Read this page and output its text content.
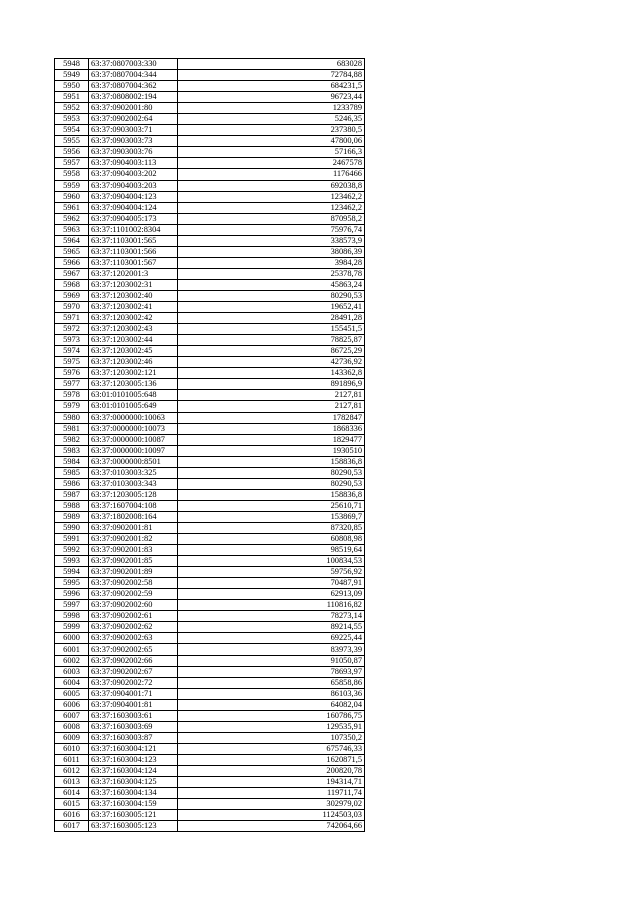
5948	63:37:0807003:330	683028
5949	63:37:0807004:344	72784,88
5950	63:37:0807004:362	684231,5
5951	63:37:0808002:194	96723,44
5952	63:37:0902001:80	1233789
5953	63:37:0902002:64	5246,35
5954	63:37:0903003:71	237380,5
5955	63:37:0903003:73	47800,06
5956	63:37:0903003:76	57166,3
5957	63:37:0904003:113	2467578
5958	63:37:0904003:202	1176466
5959	63:37:0904003:203	692038,8
5960	63:37:0904004:123	123462,2
5961	63:37:0904004:124	123462,2
5962	63:37:0904005:173	870958,2
5963	63:37:1101002:8304	75976,74
5964	63:37:1103001:565	338573,9
5965	63:37:1103001:566	38086,39
5966	63:37:1103001:567	3984,28
5967	63:37:1202001:3	25378,78
5968	63:37:1203002:31	45863,24
5969	63:37:1203002:40	80290,53
5970	63:37:1203002:41	19652,41
5971	63:37:1203002:42	28491,28
5972	63:37:1203002:43	155451,5
5973	63:37:1203002:44	78825,87
5974	63:37:1203002:45	86725,29
5975	63:37:1203002:46	42736,92
5976	63:37:1203002:121	143362,8
5977	63:37:1203005:136	891896,9
5978	63:01:0101005:648	2127,81
5979	63:01:0101005:649	2127,81
5980	63:37:0000000:10063	1782847
5981	63:37:0000000:10073	1868336
5982	63:37:0000000:10087	1829477
5983	63:37:0000000:10097	1930510
5984	63:37:0000000:8501	158836,8
5985	63:37:0103003:325	80290,53
5986	63:37:0103003:343	80290,53
5987	63:37:1203005:128	158836,8
5988	63:37:1607004:108	25610,71
5989	63:37:1802008:164	153869,7
5990	63:37:0902001:81	87320,85
5991	63:37:0902001:82	60808,98
5992	63:37:0902001:83	98519,64
5993	63:37:0902001:85	100834,53
5994	63:37:0902001:89	59756,92
5995	63:37:0902002:58	70487,91
5996	63:37:0902002:59	62913,09
5997	63:37:0902002:60	110816,82
5998	63:37:0902002:61	78273,14
5999	63:37:0902002:62	89214,55
6000	63:37:0902002:63	69225,44
6001	63:37:0902002:65	83973,39
6002	63:37:0902002:66	91050,87
6003	63:37:0902002:67	78693,97
6004	63:37:0902002:72	65858,86
6005	63:37:0904001:71	86103,36
6006	63:37:0904001:81	64082,04
6007	63:37:1603003:61	160786,75
6008	63:37:1603003:69	129535,91
6009	63:37:1603003:87	107350,2
6010	63:37:1603004:121	675746,33
6011	63:37:1603004:123	1620871,5
6012	63:37:1603004:124	200820,78
6013	63:37:1603004:125	194314,71
6014	63:37:1603004:134	119711,74
6015	63:37:1603004:159	302979,02
6016	63:37:1603005:121	1124503,03
6017	63:37:1603005:123	742064,66
